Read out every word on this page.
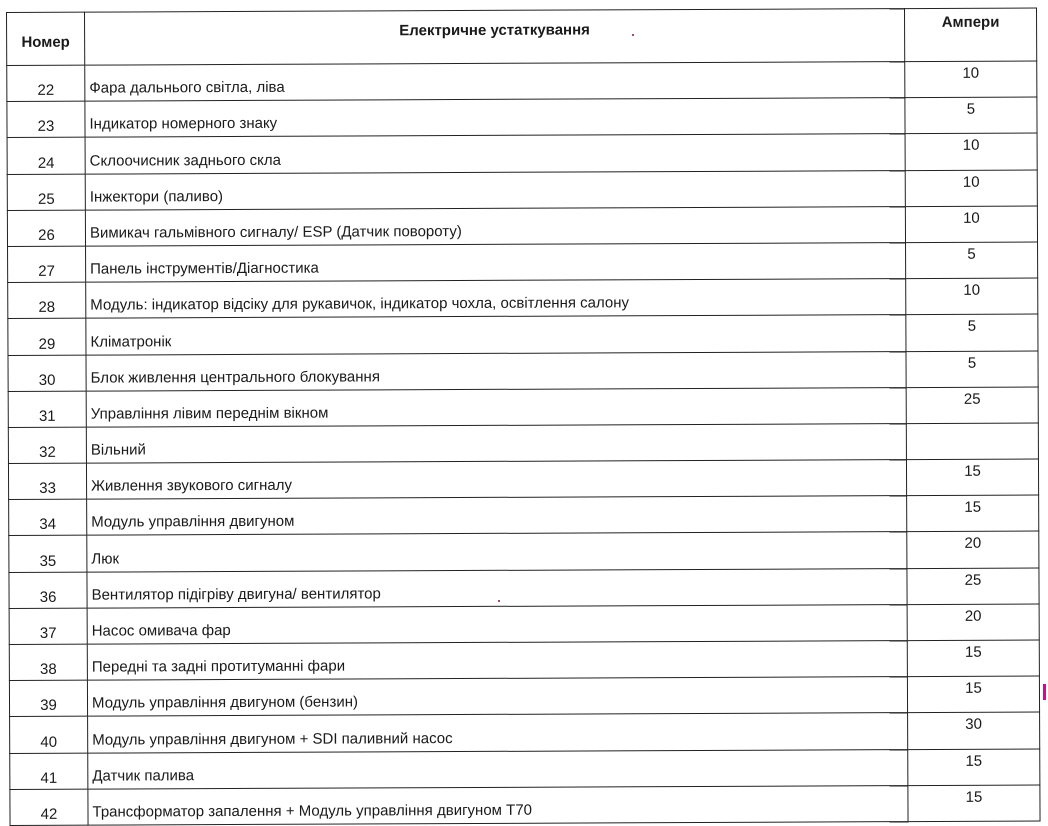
Номер	Електричне устаткування	Ампери
22	Фара дальнього світла, ліва	10
23	Індикатор номерного знаку	5
24	Склоочисник заднього скла	10
25	Інжектори (паливо)	10
26	Вимикач гальмівного сигналу/ ESP (Датчик повороту)	10
27	Панель інструментів/Діагностика	5
28	Модуль: індикатор відсіку для рукавичок, індикатор чохла, освітлення салону	10
29	Кліматронік	5
30	Блок живлення центрального блокування	5
31	Управління лівим переднім вікном	25
32	Вільний	
33	Живлення звукового сигналу	15
34	Модуль управління двигуном	15
35	Люк	20
36	Вентилятор підігріву двигуна/ вентилятор	25
37	Насос омивача фар	20
38	Передні та задні протитуманні фари	15
39	Модуль управління двигуном (бензин)	15
40	Модуль управління двигуном + SDI паливний насос	30
41	Датчик палива	15
42	Трансформатор запалення + Модуль управління двигуном T70	15
